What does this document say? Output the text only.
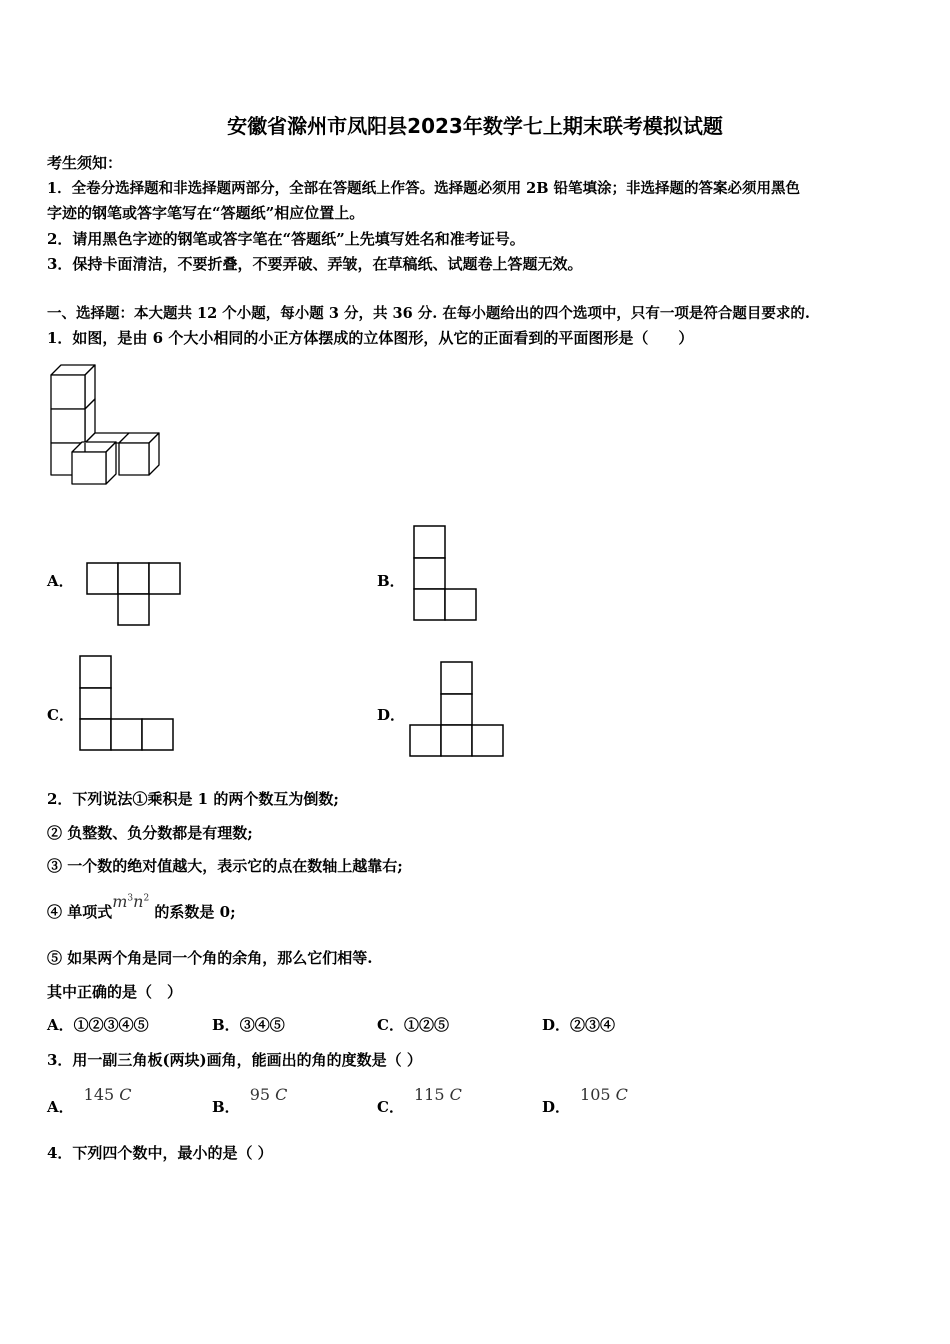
安徽省滁州市凤阳县2023年数学七上期末联考模拟试题
考生须知：
1．全卷分选择题和非选择题两部分，全部在答题纸上作答。选择题必须用 2B 铅笔填涂；非选择题的答案必须用黑色
字迹的钢笔或答字笔写在“答题纸”相应位置上。
2．请用黑色字迹的钢笔或答字笔在“答题纸”上先填写姓名和准考证号。
3．保持卡面清洁，不要折叠，不要弄破、弄皱，在草稿纸、试题卷上答题无效。
一、选择题：本大题共 12 个小题，每小题 3 分，共 36 分. 在每小题给出的四个选项中，只有一项是符合题目要求的.
1．如图，是由 6 个大小相同的小正方体摆成的立体图形，从它的正面看到的平面图形是（　　）
A．	B．
C．	D．
2．下列说法①乘积是 1 的两个数互为倒数;
② 负整数、负分数都是有理数;
③ 一个数的绝对值越大，表示它的点在数轴上越靠右;
④ 单项式$m^3n^2$ 的系数是 0;
⑤ 如果两个角是同一个角的余角，那么它们相等.
其中正确的是（　）
A．①②③④⑤	B．③④⑤	C．①②⑤	D．②③④
3．用一副三角板(两块)画角，能画出的角的度数是（ ）
A．145 C
B．95 C
C．115 C
D．105 C
4．下列四个数中，最小的是（ ）
